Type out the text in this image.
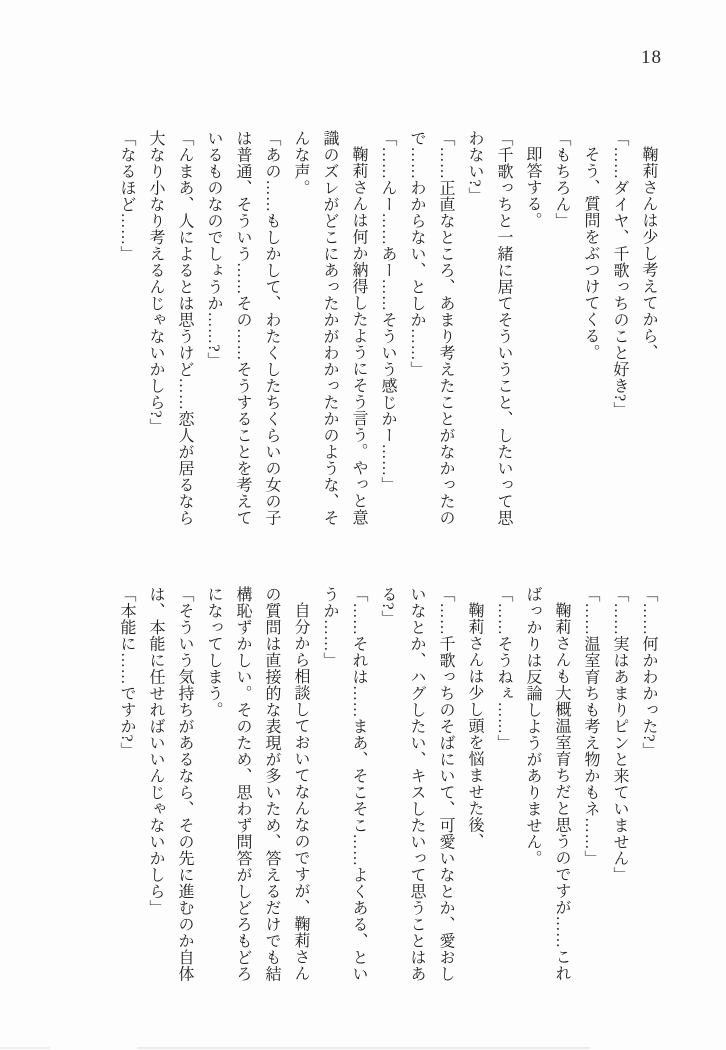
18
鞠莉さんは少し考えてから、
「……ダイヤ、千歌っちのこと好き?」
そう、質問をぶつけてくる。
「もちろん」
即答する。
「千歌っちと一緒に居てそういうこと、したいって思
わない?」
「……正直なところ、あまり考えたことがなかったの
で……わからない、としか……」
「……んー……あー……そういう感じかー……」
鞠莉さんは何か納得したようにそう言う。やっと意
識のズレがどこにあったかがわかったかのような、そ
んな声。
「あの……もしかして、わたくしたちくらいの女の子
は普通、そういう……その……そうすることを考えて
いるものなのでしょうか……?」
「んまあ、人によるとは思うけど……恋人が居るなら
大なり小なり考えるんじゃないかしら?」
「なるほど……」
「……何かわかった?」
「……実はあまりピンと来ていません」
「……温室育ちも考え物かもネ……」
鞠莉さんも大概温室育ちだと思うのですが……これ
ばっかりは反論しようがありません。
「……そうねぇ……」
鞠莉さんは少し頭を悩ませた後、
「……千歌っちのそばにいて、可愛いなとか、愛おし
いなとか、ハグしたい、キスしたいって思うことはあ
る?」
「……それは……まあ、そこそこ……よくある、とい
うか……」
自分から相談しておいてなんなのですが、鞠莉さん
の質問は直接的な表現が多いため、答えるだけでも結
構恥ずかしい。そのため、思わず問答がしどろもどろ
になってしまう。
「そういう気持ちがあるなら、その先に進むのか自体
は、本能に任せればいいんじゃないかしら」
「本能に……ですか?」
